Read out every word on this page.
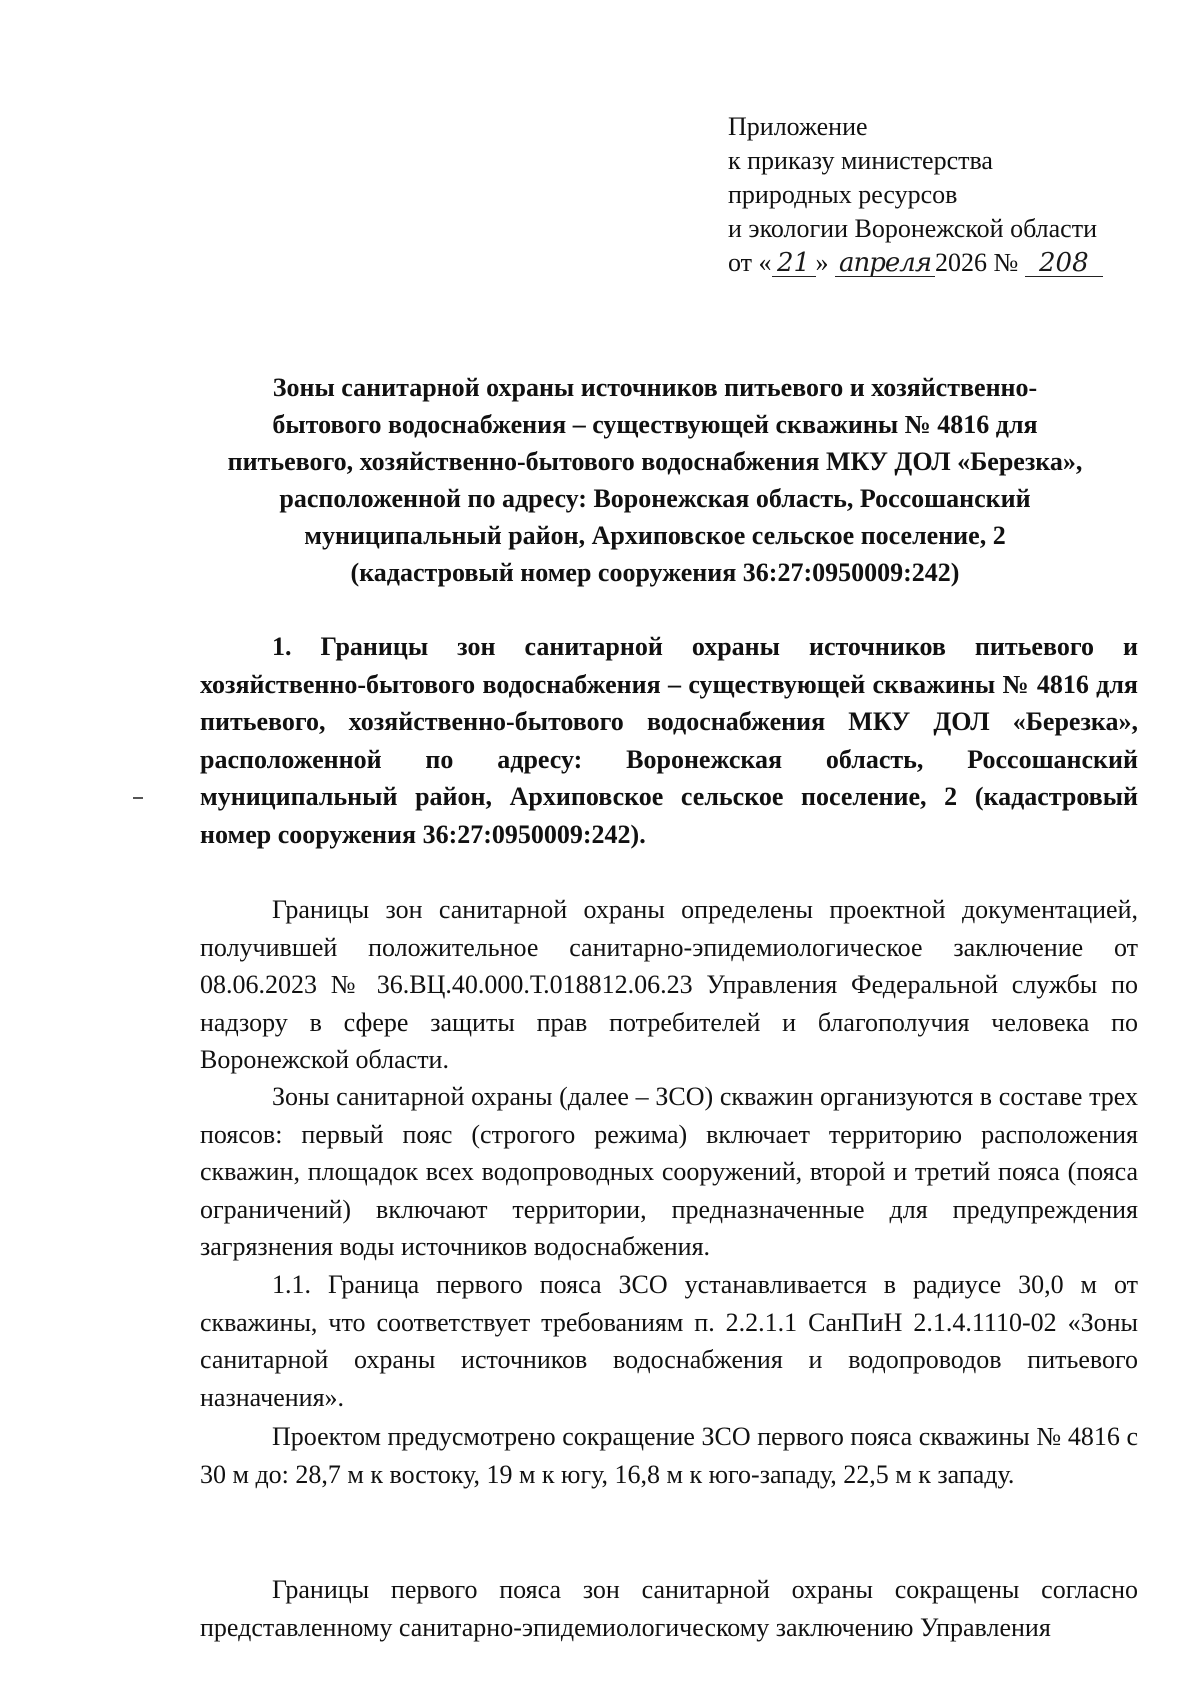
Приложение
к приказу министерства
природных ресурсов
и экологии Воронежской области
от « 21 » апреля 2026 № 208
Зоны санитарной охраны источников питьевого и хозяйственно-
бытового водоснабжения – существующей скважины № 4816 для
питьевого, хозяйственно-бытового водоснабжения МКУ ДОЛ «Березка»,
расположенной по адресу: Воронежская область, Россошанский
муниципальный район, Архиповское сельское поселение, 2
(кадастровый номер сооружения 36:27:0950009:242)
1. Границы зон санитарной охраны источников питьевого и хозяйственно-бытового водоснабжения – существующей скважины № 4816 для питьевого, хозяйственно-бытового водоснабжения МКУ ДОЛ «Березка», расположенной по адресу: Воронежская область, Россошанский муниципальный район, Архиповское сельское поселение, 2 (кадастровый номер сооружения 36:27:0950009:242).

Границы зон санитарной охраны определены проектной документацией, получившей положительное санитарно-эпидемиологическое заключение от 08.06.2023 № 36.ВЦ.40.000.Т.018812.06.23 Управления Федеральной службы по надзору в сфере защиты прав потребителей и благополучия человека по Воронежской области.

Зоны санитарной охраны (далее – ЗСО) скважин организуются в составе трех поясов: первый пояс (строгого режима) включает территорию расположения скважин, площадок всех водопроводных сооружений, второй и третий пояса (пояса ограничений) включают территории, предназначенные для предупреждения загрязнения воды источников водоснабжения.

1.1. Граница первого пояса ЗСО устанавливается в радиусе 30,0 м от скважины, что соответствует требованиям п. 2.2.1.1 СанПиН 2.1.4.1110-02 «Зоны санитарной охраны источников водоснабжения и водопроводов питьевого назначения».

Проектом предусмотрено сокращение ЗСО первого пояса скважины № 4816 с 30 м до: 28,7 м к востоку, 19 м к югу, 16,8 м к юго-западу, 22,5 м к западу.

Границы первого пояса зон санитарной охраны сокращены согласно представленному санитарно-эпидемиологическому заключению Управления
